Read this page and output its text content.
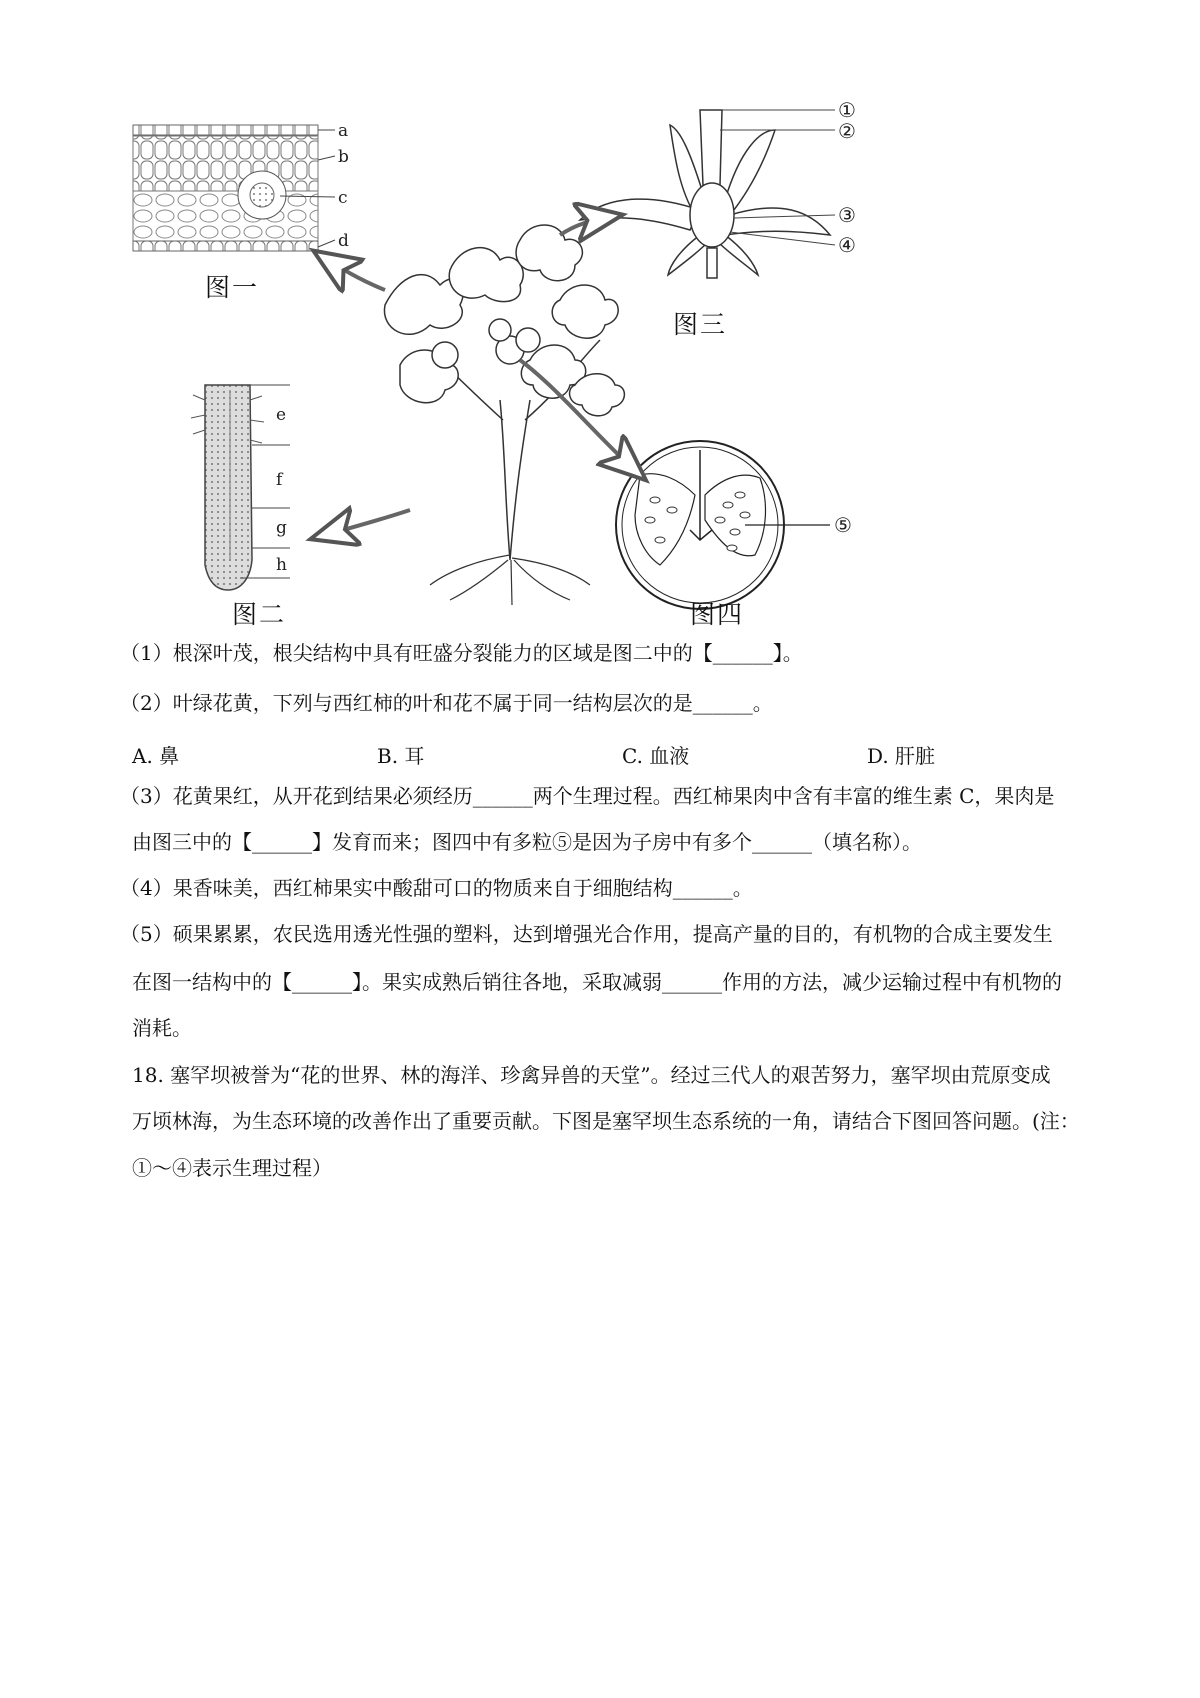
a
b
c
d
①
②
③
④
e
f
g
h
⑤
图一
图三
图二	图四
（1）根深叶茂，根尖结构中具有旺盛分裂能力的区域是图二中的【______】。
（2）叶绿花黄，下列与西红柿的叶和花不属于同一结构层次的是______。
A. 鼻	B. 耳	C. 血液	D. 肝脏
（3）花黄果红，从开花到结果必须经历______两个生理过程。西红柿果肉中含有丰富的维生素 C，果肉是
由图三中的【______】发育而来；图四中有多粒⑤是因为子房中有多个______（填名称）。
（4）果香味美，西红柿果实中酸甜可口的物质来自于细胞结构______。
（5）硕果累累，农民选用透光性强的塑料，达到增强光合作用，提高产量的目的，有机物的合成主要发生
在图一结构中的【______】。果实成熟后销往各地，采取减弱______作用的方法，减少运输过程中有机物的
消耗。
18. 塞罕坝被誉为“花的世界、林的海洋、珍禽异兽的天堂”。经过三代人的艰苦努力，塞罕坝由荒原变成
万顷林海，为生态环境的改善作出了重要贡献。下图是塞罕坝生态系统的一角，请结合下图回答问题。(注：
①～④表示生理过程）
